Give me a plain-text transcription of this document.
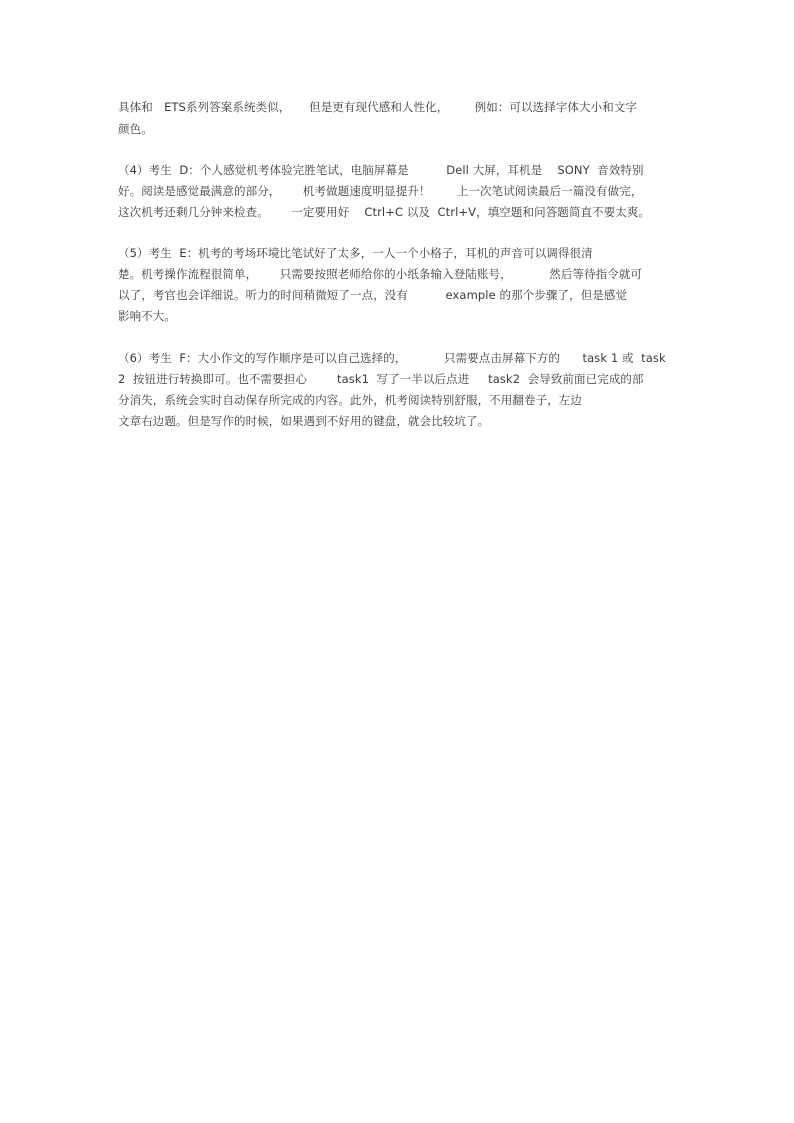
具体和   ETS系列答案系统类似，     但是更有现代感和人性化，       例如：可以选择字体大小和文字
颜色。
（4）考生  D：个人感觉机考体验完胜笔试，电脑屏幕是          Dell 大屏，耳机是    SONY  音效特别
好。阅读是感觉最满意的部分，      机考做题速度明显提升！       上一次笔试阅读最后一篇没有做完，
这次机考还剩几分钟来检查。      一定要用好    Ctrl+C 以及  Ctrl+V，填空题和问答题简直不要太爽。
（5）考生  E：机考的考场环境比笔试好了太多，一人一个小格子，耳机的声音可以调得很清
楚。机考操作流程很简单，      只需要按照老师给你的小纸条输入登陆账号，          然后等待指令就可
以了，考官也会详细说。听力的时间稍微短了一点，没有          example 的那个步骤了，但是感觉
影响不大。
（6）考生  F：大小作文的写作顺序是可以自己选择的，          只需要点击屏幕下方的      task 1 或  task
2  按钮进行转换即可。也不需要担心        task1  写了一半以后点进     task2  会导致前面已完成的部
分消失，系统会实时自动保存所完成的内容。此外，机考阅读特别舒服，不用翻卷子，左边
文章右边题。但是写作的时候，如果遇到不好用的键盘，就会比较坑了。
